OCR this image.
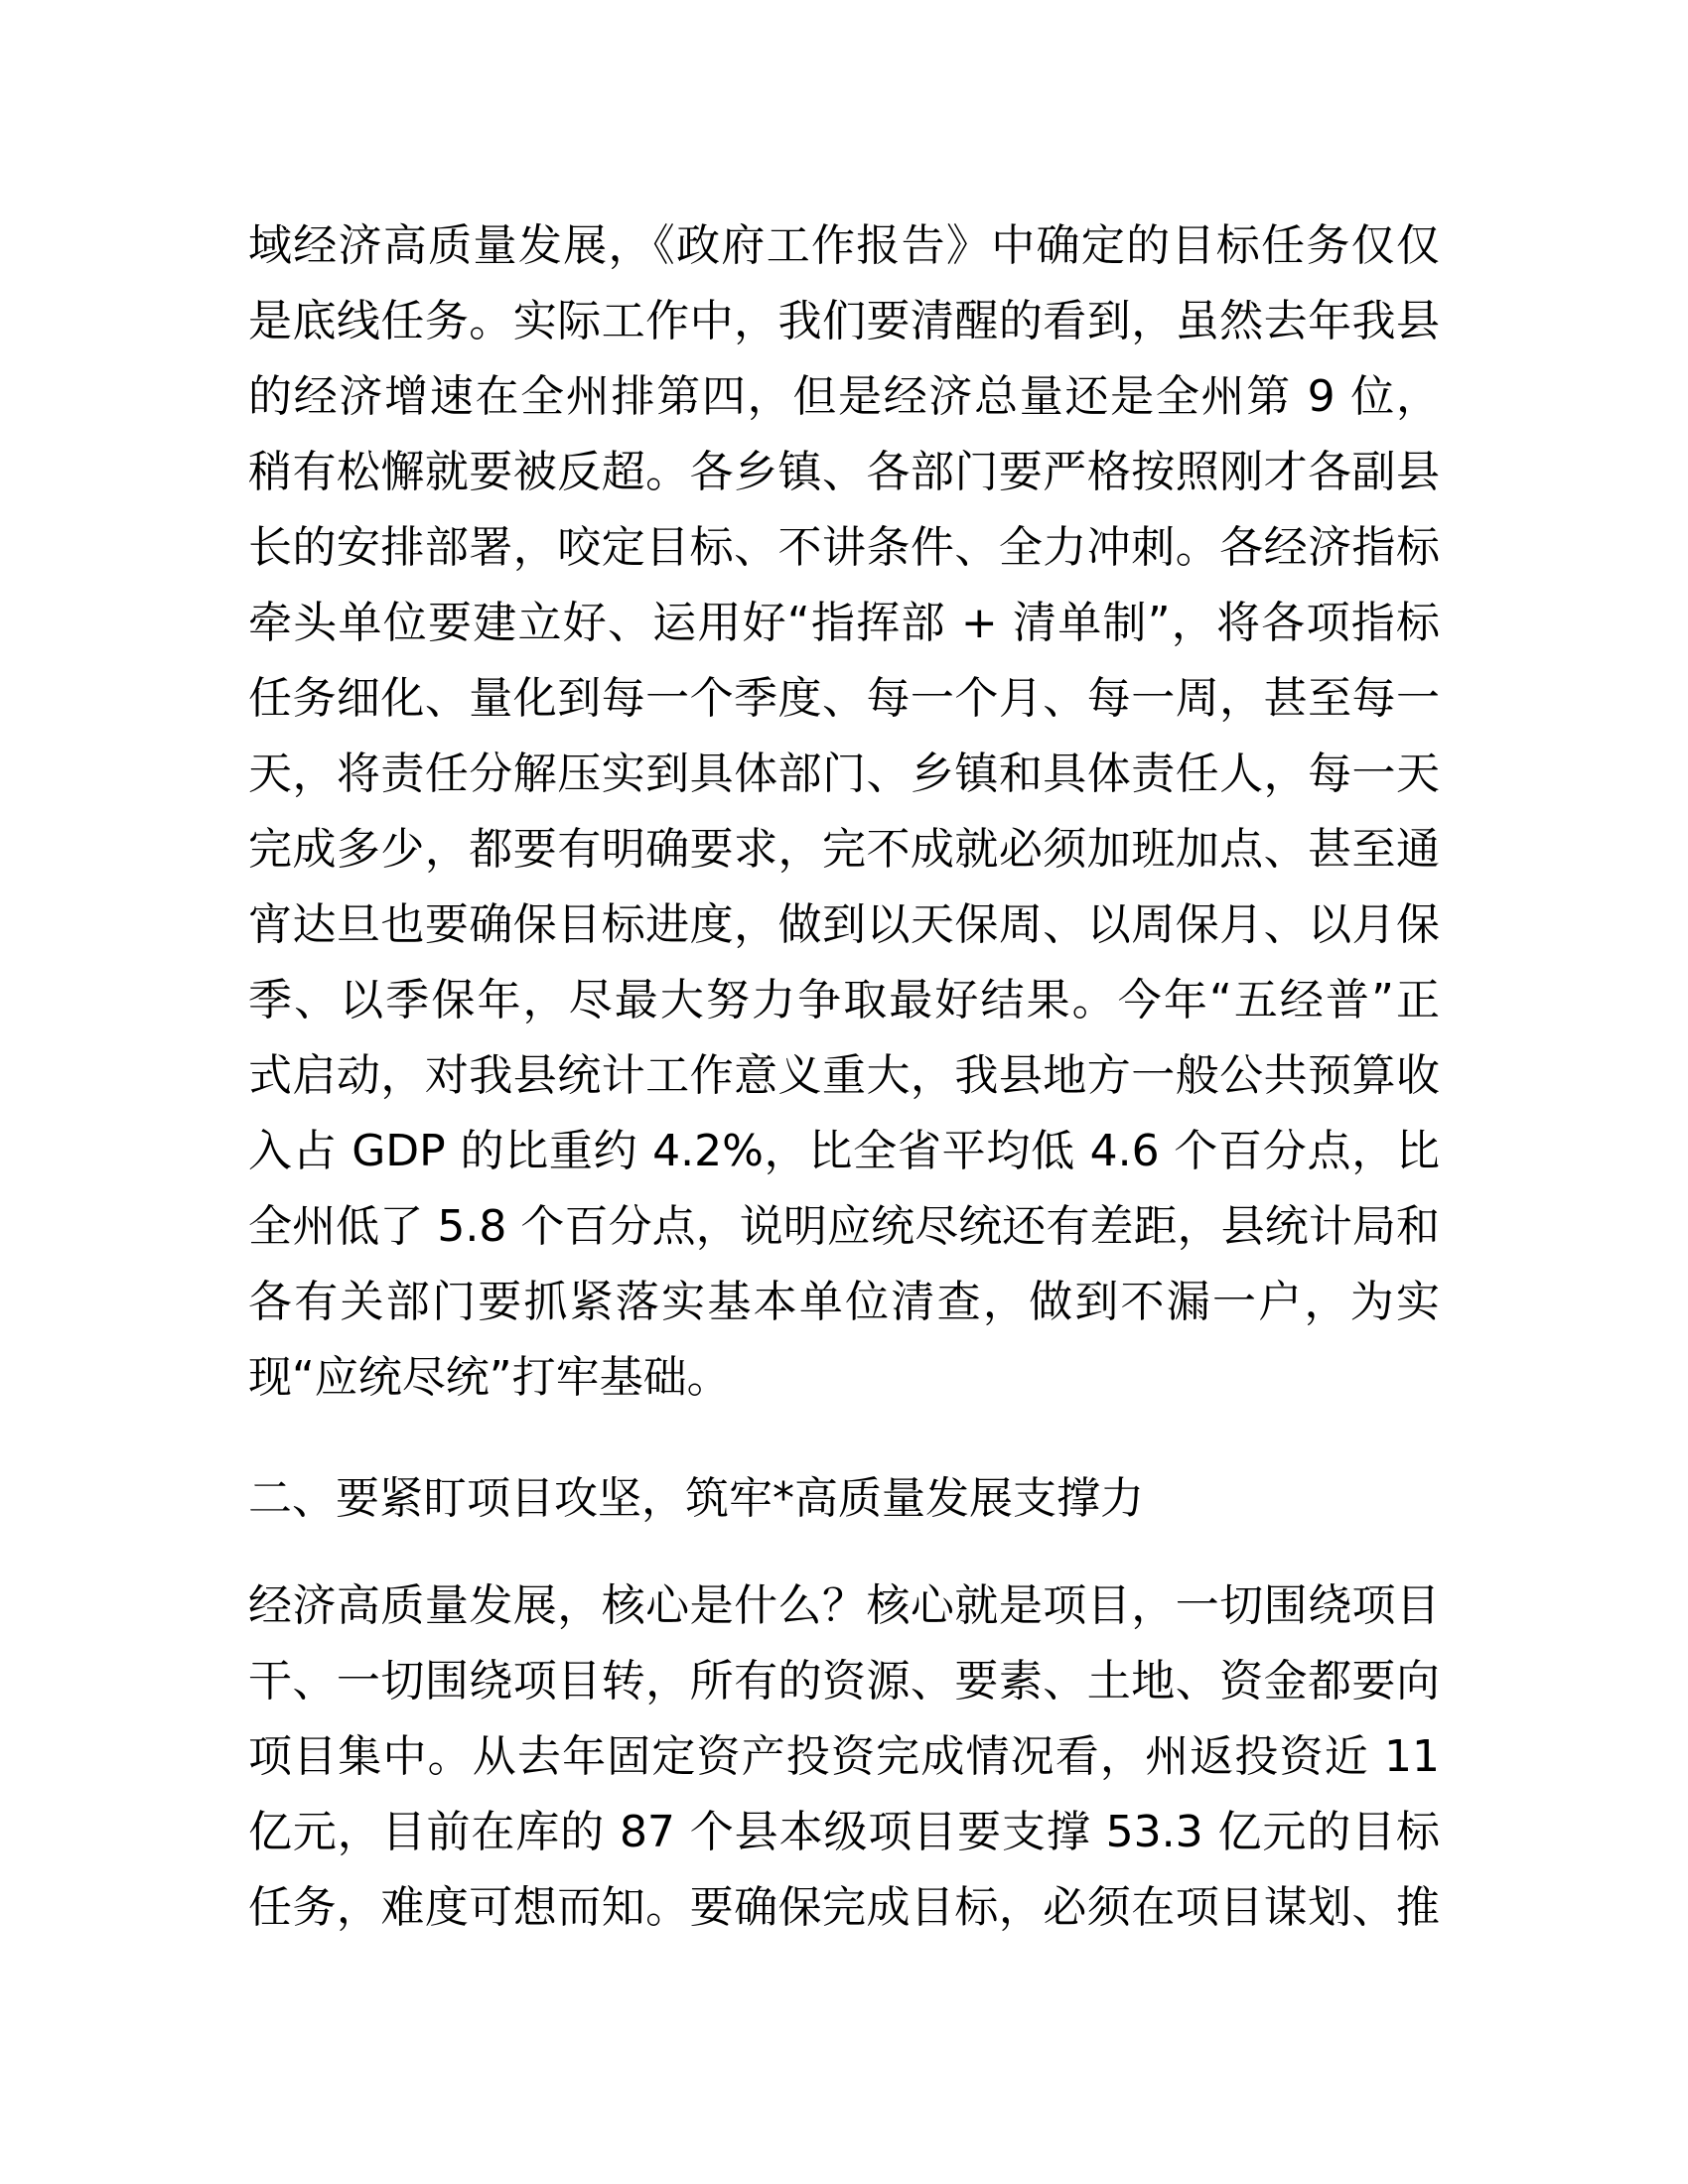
域经济高质量发展，《政府工作报告》中确定的目标任务仅仅
是底线任务。实际工作中，我们要清醒的看到，虽然去年我县
的经济增速在全州排第四，但是经济总量还是全州第 9 位，
稍有松懈就要被反超。各乡镇、各部门要严格按照刚才各副县
长的安排部署，咬定目标、不讲条件、全力冲刺。各经济指标
牵头单位要建立好、运用好“指挥部 + 清单制”，将各项指标
任务细化、量化到每一个季度、每一个月、每一周，甚至每一
天，将责任分解压实到具体部门、乡镇和具体责任人，每一天
完成多少，都要有明确要求，完不成就必须加班加点、甚至通
宵达旦也要确保目标进度，做到以天保周、以周保月、以月保
季、以季保年，尽最大努力争取最好结果。今年“五经普”正
式启动，对我县统计工作意义重大，我县地方一般公共预算收
入占 GDP 的比重约 4.2%，比全省平均低 4.6 个百分点，比
全州低了 5.8 个百分点，说明应统尽统还有差距，县统计局和
各有关部门要抓紧落实基本单位清查，做到不漏一户，为实
现“应统尽统”打牢基础。
二、要紧盯项目攻坚，筑牢*高质量发展支撑力
经济高质量发展，核心是什么？核心就是项目，一切围绕项目
干、一切围绕项目转，所有的资源、要素、土地、资金都要向
项目集中。从去年固定资产投资完成情况看，州返投资近 11
亿元，目前在库的 87 个县本级项目要支撑 53.3 亿元的目标
任务，难度可想而知。要确保完成目标，必须在项目谋划、推
